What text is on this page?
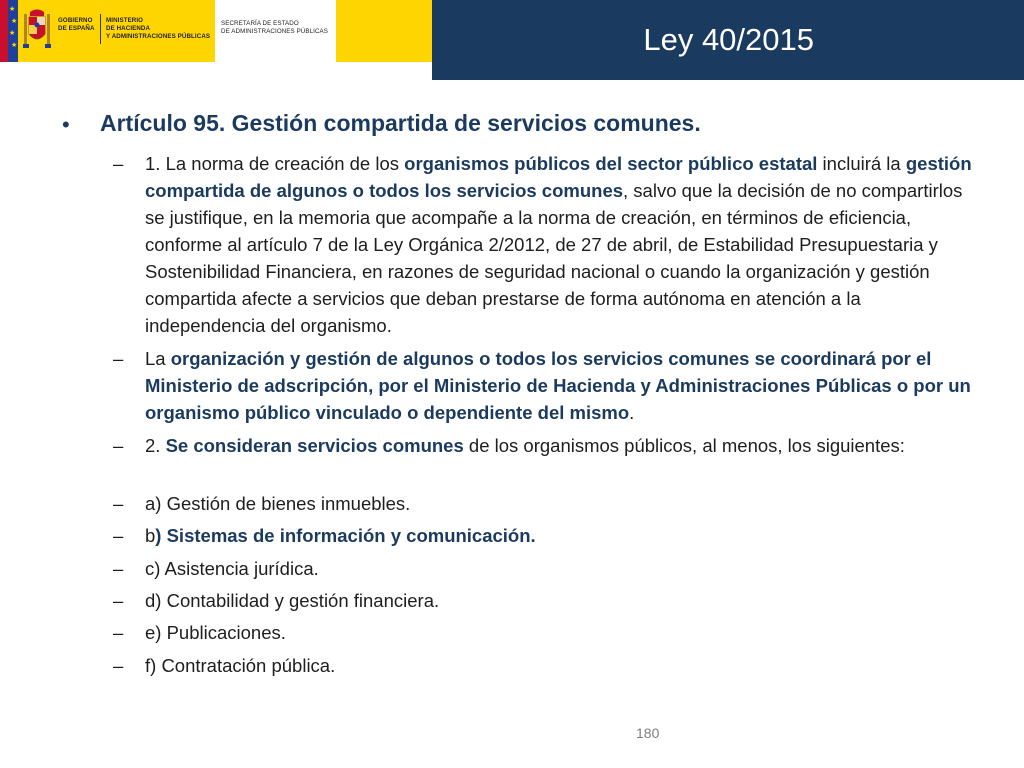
★
★
★
★
GOBIERNO
DE ESPAÑA
MINISTERIO
DE HACIENDA
Y ADMINISTRACIONES PÚBLICAS
SECRETARÍA DE ESTADO
DE ADMINISTRACIONES PÚBLICAS	Ley 40/2015
• Artículo 95. Gestión compartida de servicios comunes.
– 1. La norma de creación de los organismos públicos del sector público estatal incluirá la gestión compartida de algunos o todos los servicios comunes, salvo que la decisión de no compartirlos se justifique, en la memoria que acompañe a la norma de creación, en términos de eficiencia, conforme al artículo 7 de la Ley Orgánica 2/2012, de 27 de abril, de Estabilidad Presupuestaria y Sostenibilidad Financiera, en razones de seguridad nacional o cuando la organización y gestión compartida afecte a servicios que deban prestarse de forma autónoma en atención a la independencia del organismo.
– La organización y gestión de algunos o todos los servicios comunes se coordinará por el Ministerio de adscripción, por el Ministerio de Hacienda y Administraciones Públicas o por un organismo público vinculado o dependiente del mismo.
– 2. Se consideran servicios comunes de los organismos públicos, al menos, los siguientes:
– a) Gestión de bienes inmuebles.
– b) Sistemas de información y comunicación.
– c) Asistencia jurídica.
– d) Contabilidad y gestión financiera.
– e) Publicaciones.
– f) Contratación pública.
180
